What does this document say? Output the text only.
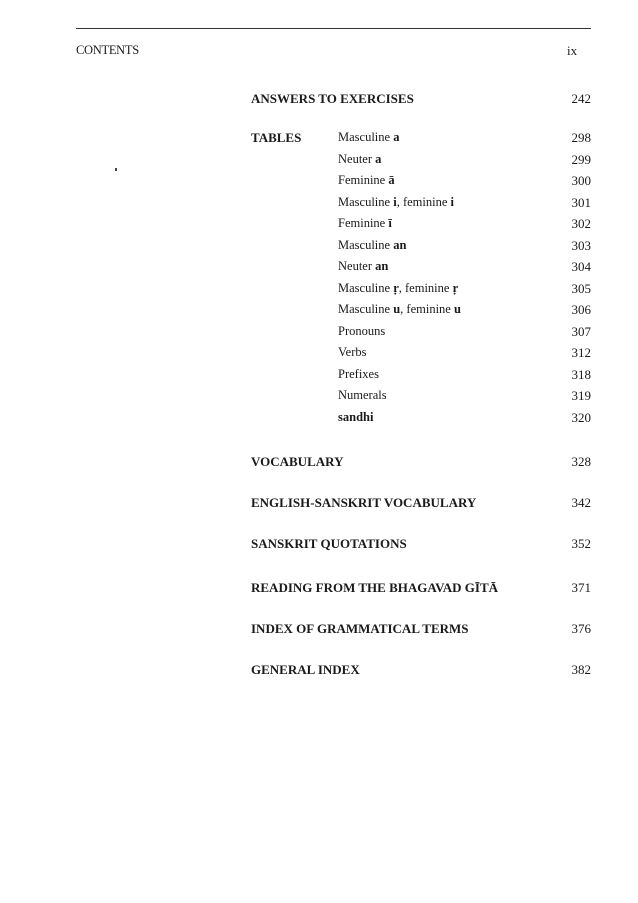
CONTENTS	ix
ANSWERS TO EXERCISES	242
TABLES	Masculine a	298
Neuter a	299
Feminine ā	300
Masculine i, feminine i	301
Feminine ī	302
Masculine an	303
Neuter an	304
Masculine ṛ, feminine ṛ	305
Masculine u, feminine u	306
Pronouns	307
Verbs	312
Prefixes	318
Numerals	319
sandhi	320
VOCABULARY	328
ENGLISH-SANSKRIT VOCABULARY	342
SANSKRIT QUOTATIONS	352
READING FROM THE BHAGAVAD GĪTĀ	371
INDEX OF GRAMMATICAL TERMS	376
GENERAL INDEX	382
